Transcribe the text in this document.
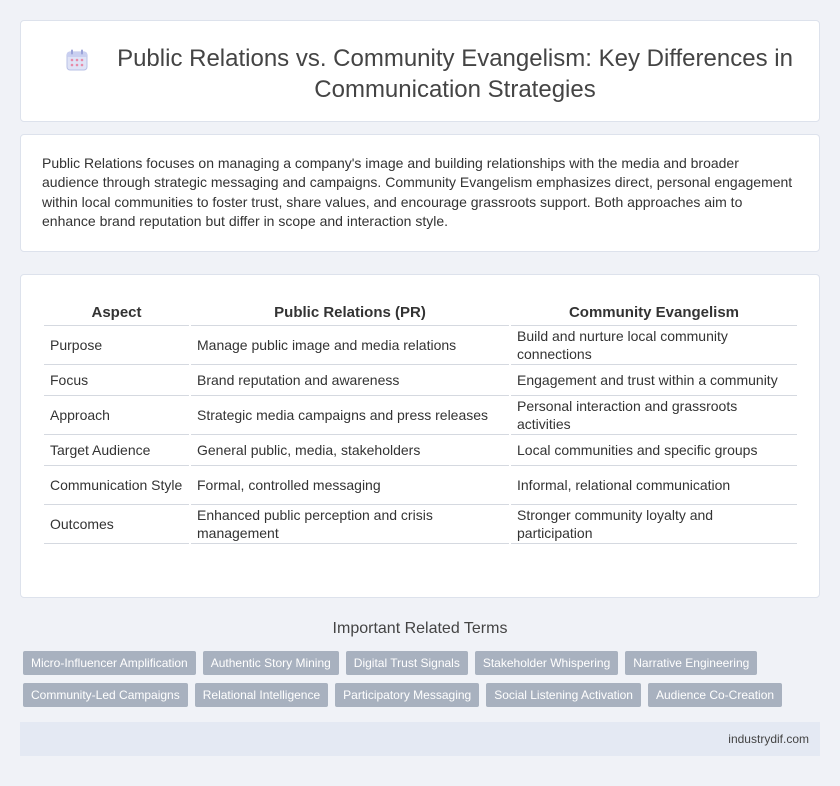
Public Relations vs. Community Evangelism: Key Differences in Communication Strategies
Public Relations focuses on managing a company's image and building relationships with the media and broader audience through strategic messaging and campaigns. Community Evangelism emphasizes direct, personal engagement within local communities to foster trust, share values, and encourage grassroots support. Both approaches aim to enhance brand reputation but differ in scope and interaction style.
Aspect	Public Relations (PR)	Community Evangelism
Purpose	Manage public image and media relations	Build and nurture local community connections
Focus	Brand reputation and awareness	Engagement and trust within a community
Approach	Strategic media campaigns and press releases	Personal interaction and grassroots activities
Target Audience	General public, media, stakeholders	Local communities and specific groups
Communication Style	Formal, controlled messaging	Informal, relational communication
Outcomes	Enhanced public perception and crisis management	Stronger community loyalty and participation
Important Related Terms
Micro-Influencer Amplification	Authentic Story Mining	Digital Trust Signals	Stakeholder Whispering	Narrative Engineering
Community-Led Campaigns	Relational Intelligence	Participatory Messaging	Social Listening Activation	Audience Co-Creation
industrydif.com
